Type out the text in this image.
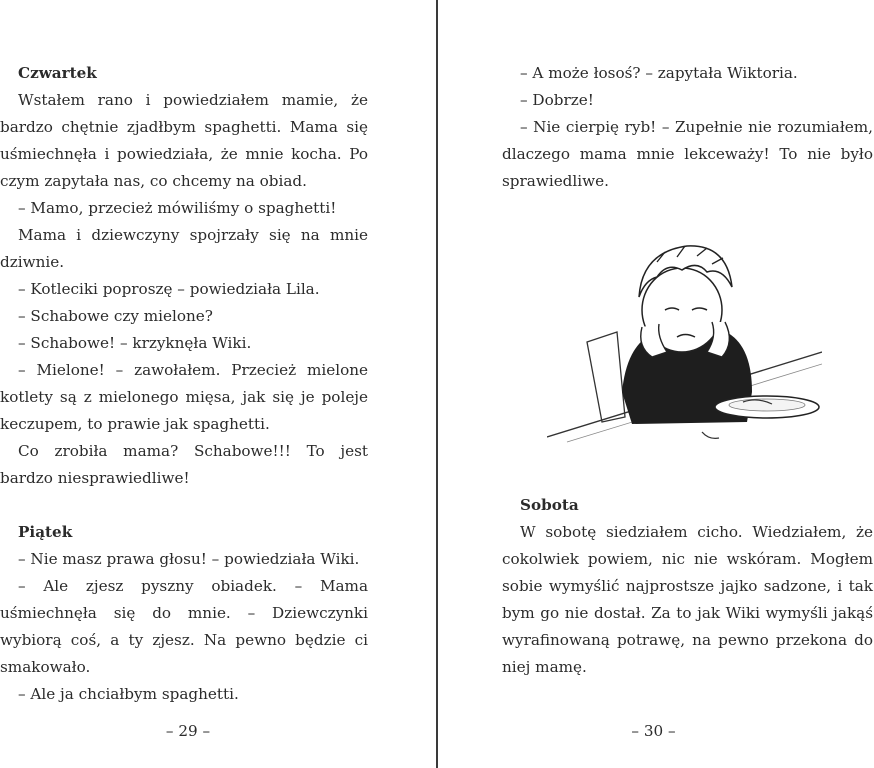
Czwartek

Wstałem rano i powiedziałem mamie, że bardzo chętnie zjadłbym spaghetti. Mama się uśmiechnęła i powiedziała, że mnie kocha. Po czym zapytała nas, co chcemy na obiad.

– Mamo, przecież mówiliśmy o spaghetti!

Mama i dziewczyny spojrzały się na mnie dziwnie.

– Kotleciki poproszę – powiedziała Lila.

– Schabowe czy mielone?

– Schabowe! – krzyknęła Wiki.

– Mielone! – zawołałem. Przecież mielone kotlety są z mielonego mięsa, jak się je poleje keczupem, to prawie jak spaghetti.

Co zrobiła mama? Schabowe!!! To jest bardzo niesprawiedliwe!

Piątek

– Nie masz prawa głosu! – powiedziała Wiki.

– Ale zjesz pyszny obiadek. – Mama uśmiechnęła się do mnie. – Dziewczynki wybiorą coś, a ty zjesz. Na pewno będzie ci smakowało.

– Ale ja chciałbym spaghetti.

– 29 –

– A może łosoś? – zapytała Wiktoria.

– Dobrze!

– Nie cierpię ryb! – Zupełnie nie rozumiałem, dlaczego mama mnie lekceważy! To nie było sprawiedliwe.

Sobota

W sobotę siedziałem cicho. Wiedziałem, że cokolwiek powiem, nic nie wskóram. Mogłem sobie wymyślić najprostsze jajko sadzone, i tak bym go nie dostał. Za to jak Wiki wymyśli jakąś wyrafinowaną potrawę, na pewno przekona do niej mamę.

– 30 –
